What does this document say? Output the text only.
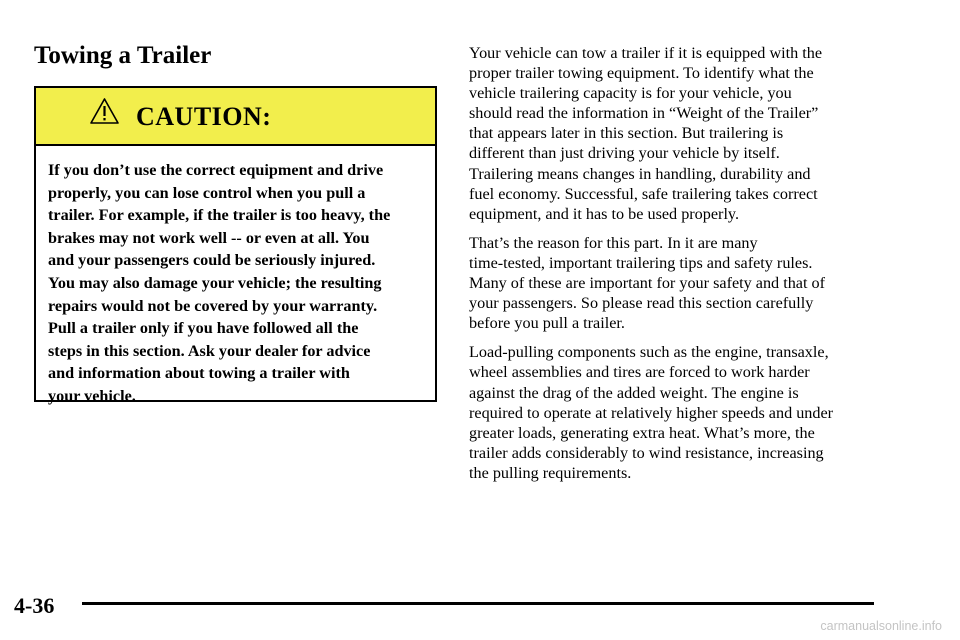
Towing a Trailer
CAUTION:
If you don’t use the correct equipment and drive
properly, you can lose control when you pull a
trailer. For example, if the trailer is too heavy, the
brakes may not work well -- or even at all. You
and your passengers could be seriously injured.
You may also damage your vehicle; the resulting
repairs would not be covered by your warranty.
Pull a trailer only if you have followed all the
steps in this section. Ask your dealer for advice
and information about towing a trailer with
your vehicle.

Your vehicle can tow a trailer if it is equipped with the
proper trailer towing equipment. To identify what the
vehicle trailering capacity is for your vehicle, you
should read the information in “Weight of the Trailer”
that appears later in this section. But trailering is
different than just driving your vehicle by itself.
Trailering means changes in handling, durability and
fuel economy. Successful, safe trailering takes correct
equipment, and it has to be used properly.

That’s the reason for this part. In it are many
time-tested, important trailering tips and safety rules.
Many of these are important for your safety and that of
your passengers. So please read this section carefully
before you pull a trailer.

Load-pulling components such as the engine, transaxle,
wheel assemblies and tires are forced to work harder
against the drag of the added weight. The engine is
required to operate at relatively higher speeds and under
greater loads, generating extra heat. What’s more, the
trailer adds considerably to wind resistance, increasing
the pulling requirements.

4-36
carmanualsonline.info
